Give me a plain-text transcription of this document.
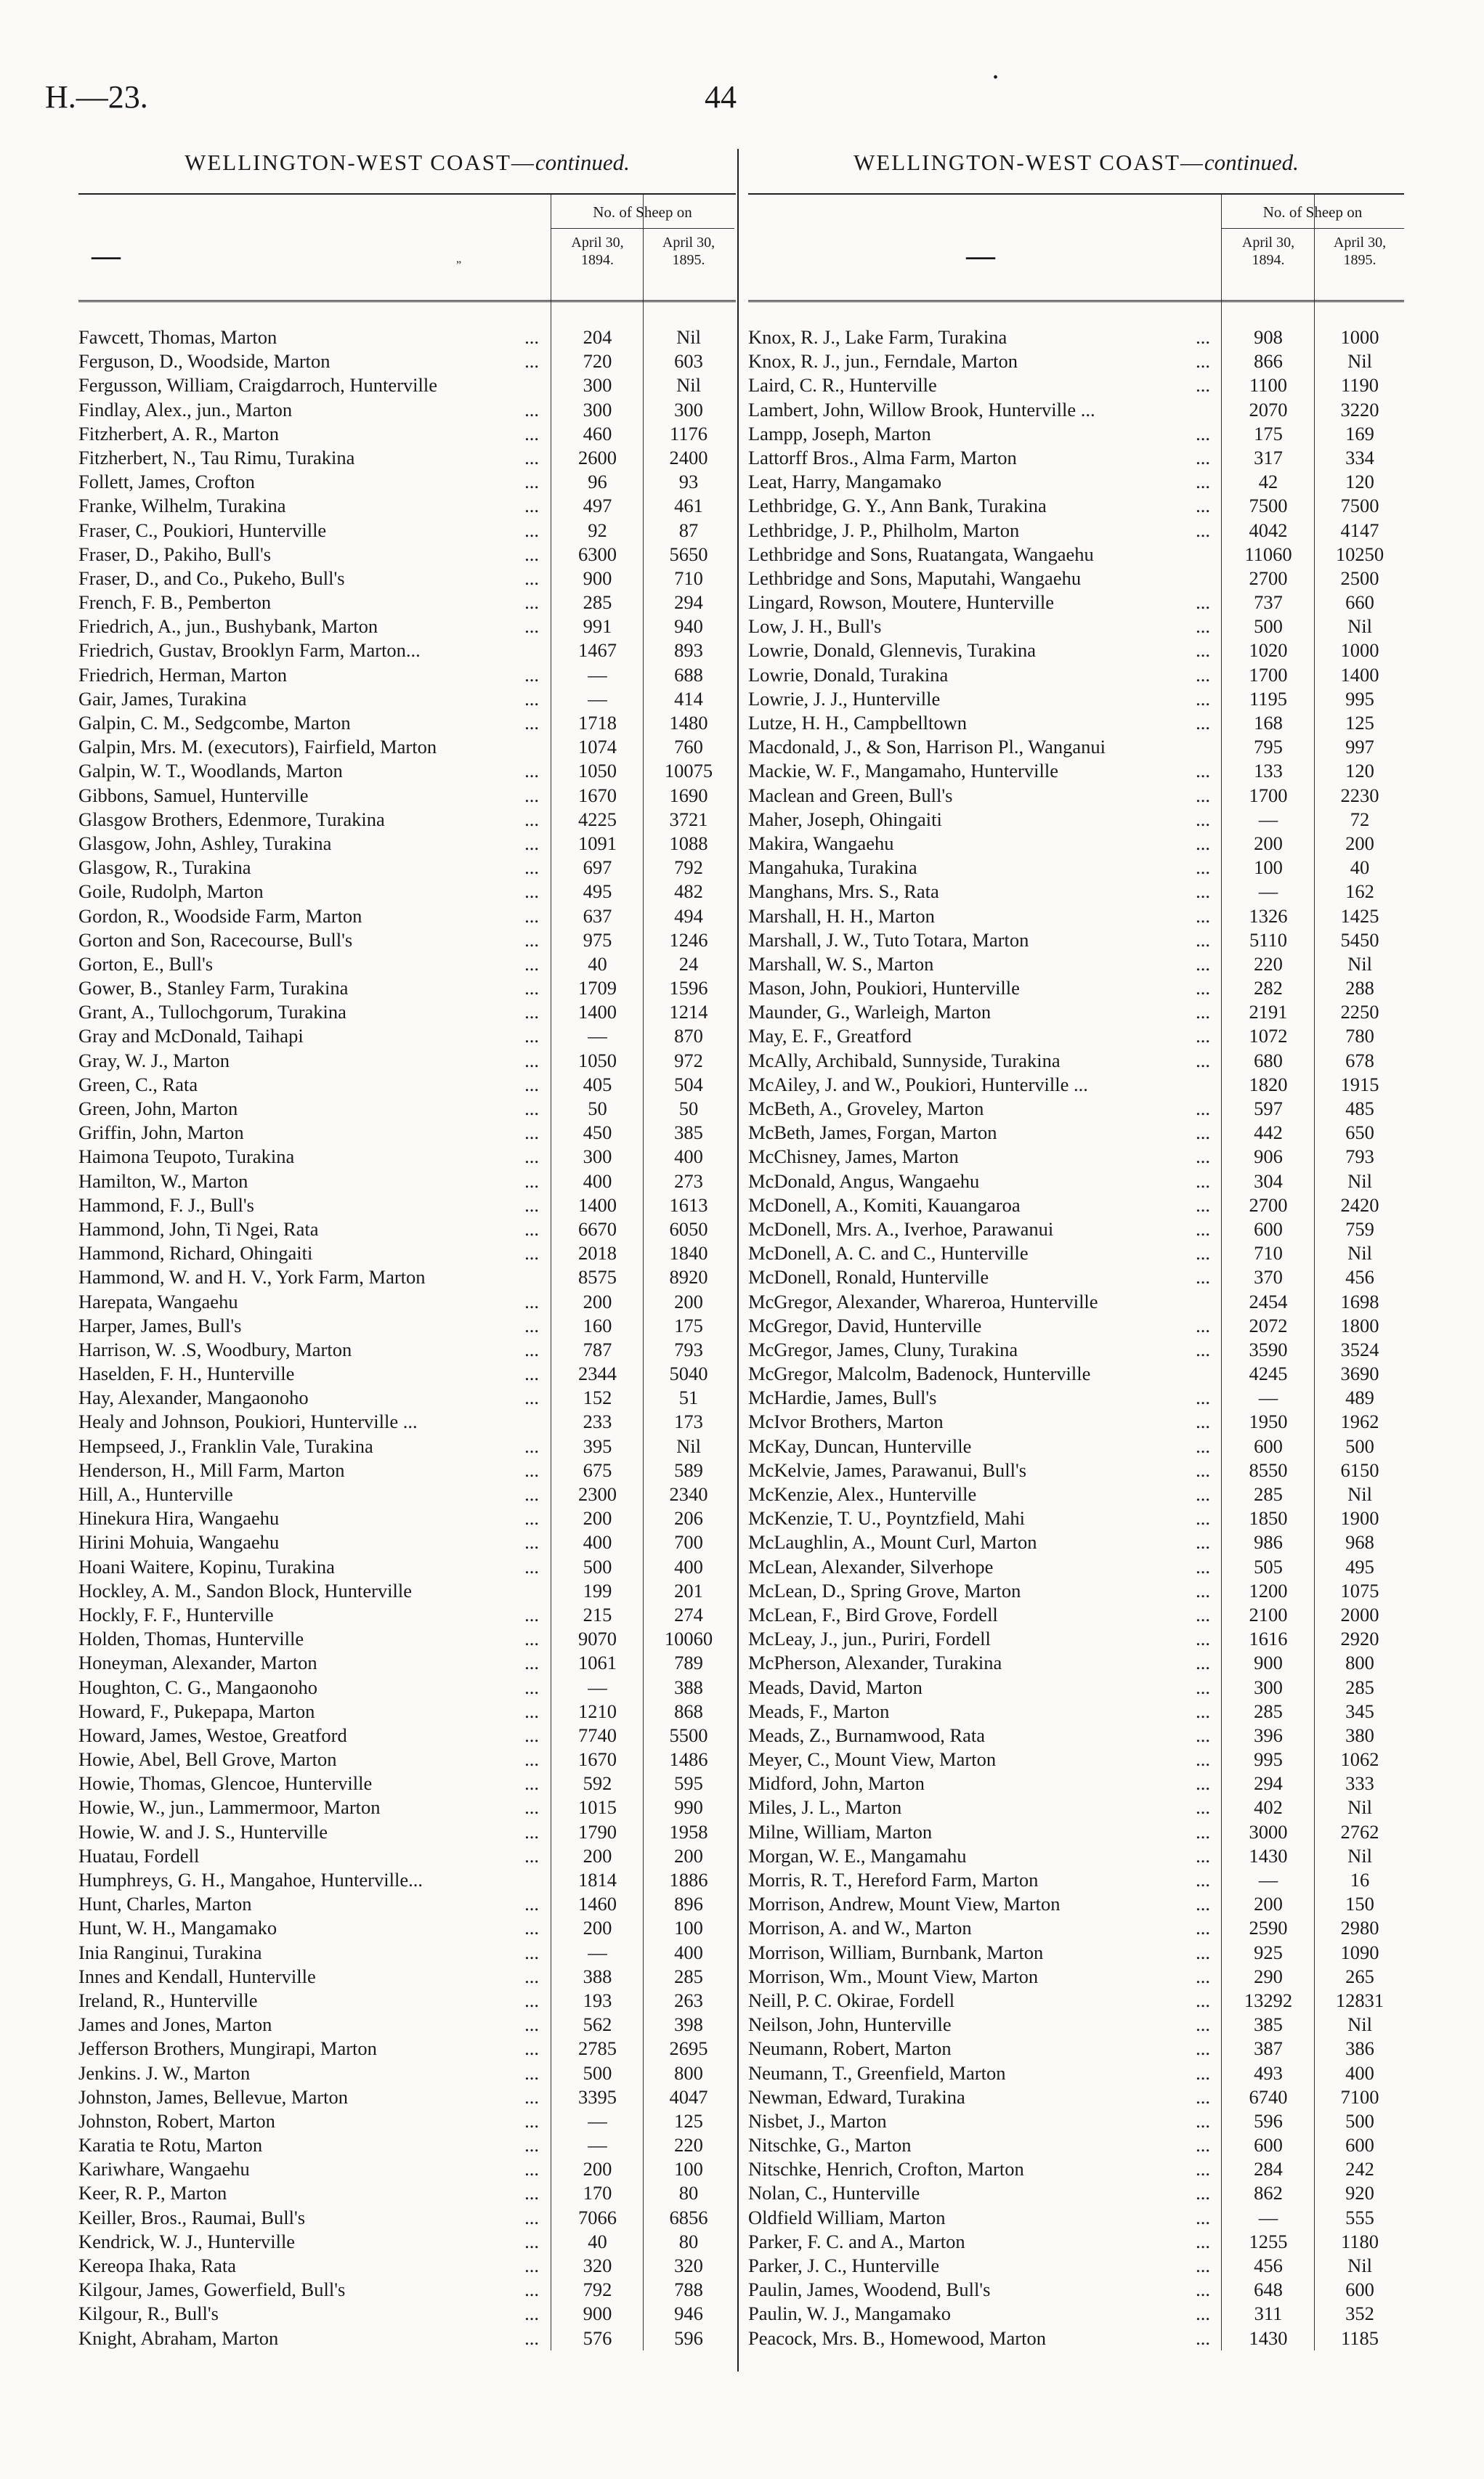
H.—23.	44
•
WELLINGTON-WEST COAST—continued.
—	„
No. of Sheep on
April 30,
1894.
April 30,
1895.
Fawcett, Thomas, Marton	...	204	Nil
Ferguson, D., Woodside, Marton	...	720	603
Fergusson, William, Craigdarroch, Hunterville	300	Nil
Findlay, Alex., jun., Marton	...	300	300
Fitzherbert, A. R., Marton	...	460	1176
Fitzherbert, N., Tau Rimu, Turakina	...	2600	2400
Follett, James, Crofton	...	96	93
Franke, Wilhelm, Turakina	...	497	461
Fraser, C., Poukiori, Hunterville	...	92	87
Fraser, D., Pakiho, Bull's	...	6300	5650
Fraser, D., and Co., Pukeho, Bull's	...	900	710
French, F. B., Pemberton	...	285	294
Friedrich, A., jun., Bushybank, Marton	...	991	940
Friedrich, Gustav, Brooklyn Farm, Marton...	1467	893
Friedrich, Herman, Marton	...	—	688
Gair, James, Turakina	...	—	414
Galpin, C. M., Sedgcombe, Marton	...	1718	1480
Galpin, Mrs. M. (executors), Fairfield, Marton	1074	760
Galpin, W. T., Woodlands, Marton	...	1050	10075
Gibbons, Samuel, Hunterville	...	1670	1690
Glasgow Brothers, Edenmore, Turakina	...	4225	3721
Glasgow, John, Ashley, Turakina	...	1091	1088
Glasgow, R., Turakina	...	697	792
Goile, Rudolph, Marton	...	495	482
Gordon, R., Woodside Farm, Marton	...	637	494
Gorton and Son, Racecourse, Bull's	...	975	1246
Gorton, E., Bull's	...	40	24
Gower, B., Stanley Farm, Turakina	...	1709	1596
Grant, A., Tullochgorum, Turakina	...	1400	1214
Gray and McDonald, Taihapi	...	—	870
Gray, W. J., Marton	...	1050	972
Green, C., Rata	...	405	504
Green, John, Marton	...	50	50
Griffin, John, Marton	...	450	385
Haimona Teupoto, Turakina	...	300	400
Hamilton, W., Marton	...	400	273
Hammond, F. J., Bull's	...	1400	1613
Hammond, John, Ti Ngei, Rata	...	6670	6050
Hammond, Richard, Ohingaiti	...	2018	1840
Hammond, W. and H. V., York Farm, Marton	8575	8920
Harepata, Wangaehu	...	200	200
Harper, James, Bull's	...	160	175
Harrison, W. .S, Woodbury, Marton	...	787	793
Haselden, F. H., Hunterville	...	2344	5040
Hay, Alexander, Mangaonoho	...	152	51
Healy and Johnson, Poukiori, Hunterville ...	233	173
Hempseed, J., Franklin Vale, Turakina	...	395	Nil
Henderson, H., Mill Farm, Marton	...	675	589
Hill, A., Hunterville	...	2300	2340
Hinekura Hira, Wangaehu	...	200	206
Hirini Mohuia, Wangaehu	...	400	700
Hoani Waitere, Kopinu, Turakina	...	500	400
Hockley, A. M., Sandon Block, Hunterville	199	201
Hockly, F. F., Hunterville	...	215	274
Holden, Thomas, Hunterville	...	9070	10060
Honeyman, Alexander, Marton	...	1061	789
Houghton, C. G., Mangaonoho	...	—	388
Howard, F., Pukepapa, Marton	...	1210	868
Howard, James, Westoe, Greatford	...	7740	5500
Howie, Abel, Bell Grove, Marton	...	1670	1486
Howie, Thomas, Glencoe, Hunterville	...	592	595
Howie, W., jun., Lammermoor, Marton	...	1015	990
Howie, W. and J. S., Hunterville	...	1790	1958
Huatau, Fordell	...	200	200
Humphreys, G. H., Mangahoe, Hunterville...	1814	1886
Hunt, Charles, Marton	...	1460	896
Hunt, W. H., Mangamako	...	200	100
Inia Ranginui, Turakina	...	—	400
Innes and Kendall, Hunterville	...	388	285
Ireland, R., Hunterville	...	193	263
James and Jones, Marton	...	562	398
Jefferson Brothers, Mungirapi, Marton	...	2785	2695
Jenkins. J. W., Marton	...	500	800
Johnston, James, Bellevue, Marton	...	3395	4047
Johnston, Robert, Marton	...	—	125
Karatia te Rotu, Marton	...	—	220
Kariwhare, Wangaehu	...	200	100
Keer, R. P., Marton	...	170	80
Keiller, Bros., Raumai, Bull's	...	7066	6856
Kendrick, W. J., Hunterville	...	40	80
Kereopa Ihaka, Rata	...	320	320
Kilgour, James, Gowerfield, Bull's	...	792	788
Kilgour, R., Bull's	...	900	946
Knight, Abraham, Marton	...	576	596
WELLINGTON-WEST COAST—continued.
—
No. of Sheep on
April 30,
1894.
April 30,
1895.
Knox, R. J., Lake Farm, Turakina	...	908	1000
Knox, R. J., jun., Ferndale, Marton	...	866	Nil
Laird, C. R., Hunterville	...	1100	1190
Lambert, John, Willow Brook, Hunterville ...	2070	3220
Lampp, Joseph, Marton	...	175	169
Lattorff Bros., Alma Farm, Marton	...	317	334
Leat, Harry, Mangamako	...	42	120
Lethbridge, G. Y., Ann Bank, Turakina	...	7500	7500
Lethbridge, J. P., Philholm, Marton	...	4042	4147
Lethbridge and Sons, Ruatangata, Wangaehu	11060	10250
Lethbridge and Sons, Maputahi, Wangaehu	2700	2500
Lingard, Rowson, Moutere, Hunterville	...	737	660
Low, J. H., Bull's	...	500	Nil
Lowrie, Donald, Glennevis, Turakina	...	1020	1000
Lowrie, Donald, Turakina	...	1700	1400
Lowrie, J. J., Hunterville	...	1195	995
Lutze, H. H., Campbelltown	...	168	125
Macdonald, J., & Son, Harrison Pl., Wanganui	795	997
Mackie, W. F., Mangamaho, Hunterville	...	133	120
Maclean and Green, Bull's	...	1700	2230
Maher, Joseph, Ohingaiti	...	—	72
Makira, Wangaehu	...	200	200
Mangahuka, Turakina	...	100	40
Manghans, Mrs. S., Rata	...	—	162
Marshall, H. H., Marton	...	1326	1425
Marshall, J. W., Tuto Totara, Marton	...	5110	5450
Marshall, W. S., Marton	...	220	Nil
Mason, John, Poukiori, Hunterville	...	282	288
Maunder, G., Warleigh, Marton	...	2191	2250
May, E. F., Greatford	...	1072	780
McAlly, Archibald, Sunnyside, Turakina	...	680	678
McAiley, J. and W., Poukiori, Hunterville ...	1820	1915
McBeth, A., Groveley, Marton	...	597	485
McBeth, James, Forgan, Marton	...	442	650
McChisney, James, Marton	...	906	793
McDonald, Angus, Wangaehu	...	304	Nil
McDonell, A., Komiti, Kauangaroa	...	2700	2420
McDonell, Mrs. A., Iverhoe, Parawanui	...	600	759
McDonell, A. C. and C., Hunterville	...	710	Nil
McDonell, Ronald, Hunterville	...	370	456
McGregor, Alexander, Whareroa, Hunterville	2454	1698
McGregor, David, Hunterville	...	2072	1800
McGregor, James, Cluny, Turakina	...	3590	3524
McGregor, Malcolm, Badenock, Hunterville	4245	3690
McHardie, James, Bull's	...	—	489
McIvor Brothers, Marton	...	1950	1962
McKay, Duncan, Hunterville	...	600	500
McKelvie, James, Parawanui, Bull's	...	8550	6150
McKenzie, Alex., Hunterville	...	285	Nil
McKenzie, T. U., Poyntzfield, Mahi	...	1850	1900
McLaughlin, A., Mount Curl, Marton	...	986	968
McLean, Alexander, Silverhope	...	505	495
McLean, D., Spring Grove, Marton	...	1200	1075
McLean, F., Bird Grove, Fordell	...	2100	2000
McLeay, J., jun., Puriri, Fordell	...	1616	2920
McPherson, Alexander, Turakina	...	900	800
Meads, David, Marton	...	300	285
Meads, F., Marton	...	285	345
Meads, Z., Burnamwood, Rata	...	396	380
Meyer, C., Mount View, Marton	...	995	1062
Midford, John, Marton	...	294	333
Miles, J. L., Marton	...	402	Nil
Milne, William, Marton	...	3000	2762
Morgan, W. E., Mangamahu	...	1430	Nil
Morris, R. T., Hereford Farm, Marton	...	—	16
Morrison, Andrew, Mount View, Marton	...	200	150
Morrison, A. and W., Marton	...	2590	2980
Morrison, William, Burnbank, Marton	...	925	1090
Morrison, Wm., Mount View, Marton	...	290	265
Neill, P. C. Okirae, Fordell	...	13292	12831
Neilson, John, Hunterville	...	385	Nil
Neumann, Robert, Marton	...	387	386
Neumann, T., Greenfield, Marton	...	493	400
Newman, Edward, Turakina	...	6740	7100
Nisbet, J., Marton	...	596	500
Nitschke, G., Marton	...	600	600
Nitschke, Henrich, Crofton, Marton	...	284	242
Nolan, C., Hunterville	...	862	920
Oldfield William, Marton	...	—	555
Parker, F. C. and A., Marton	...	1255	1180
Parker, J. C., Hunterville	...	456	Nil
Paulin, James, Woodend, Bull's	...	648	600
Paulin, W. J., Mangamako	...	311	352
Peacock, Mrs. B., Homewood, Marton	...	1430	1185
